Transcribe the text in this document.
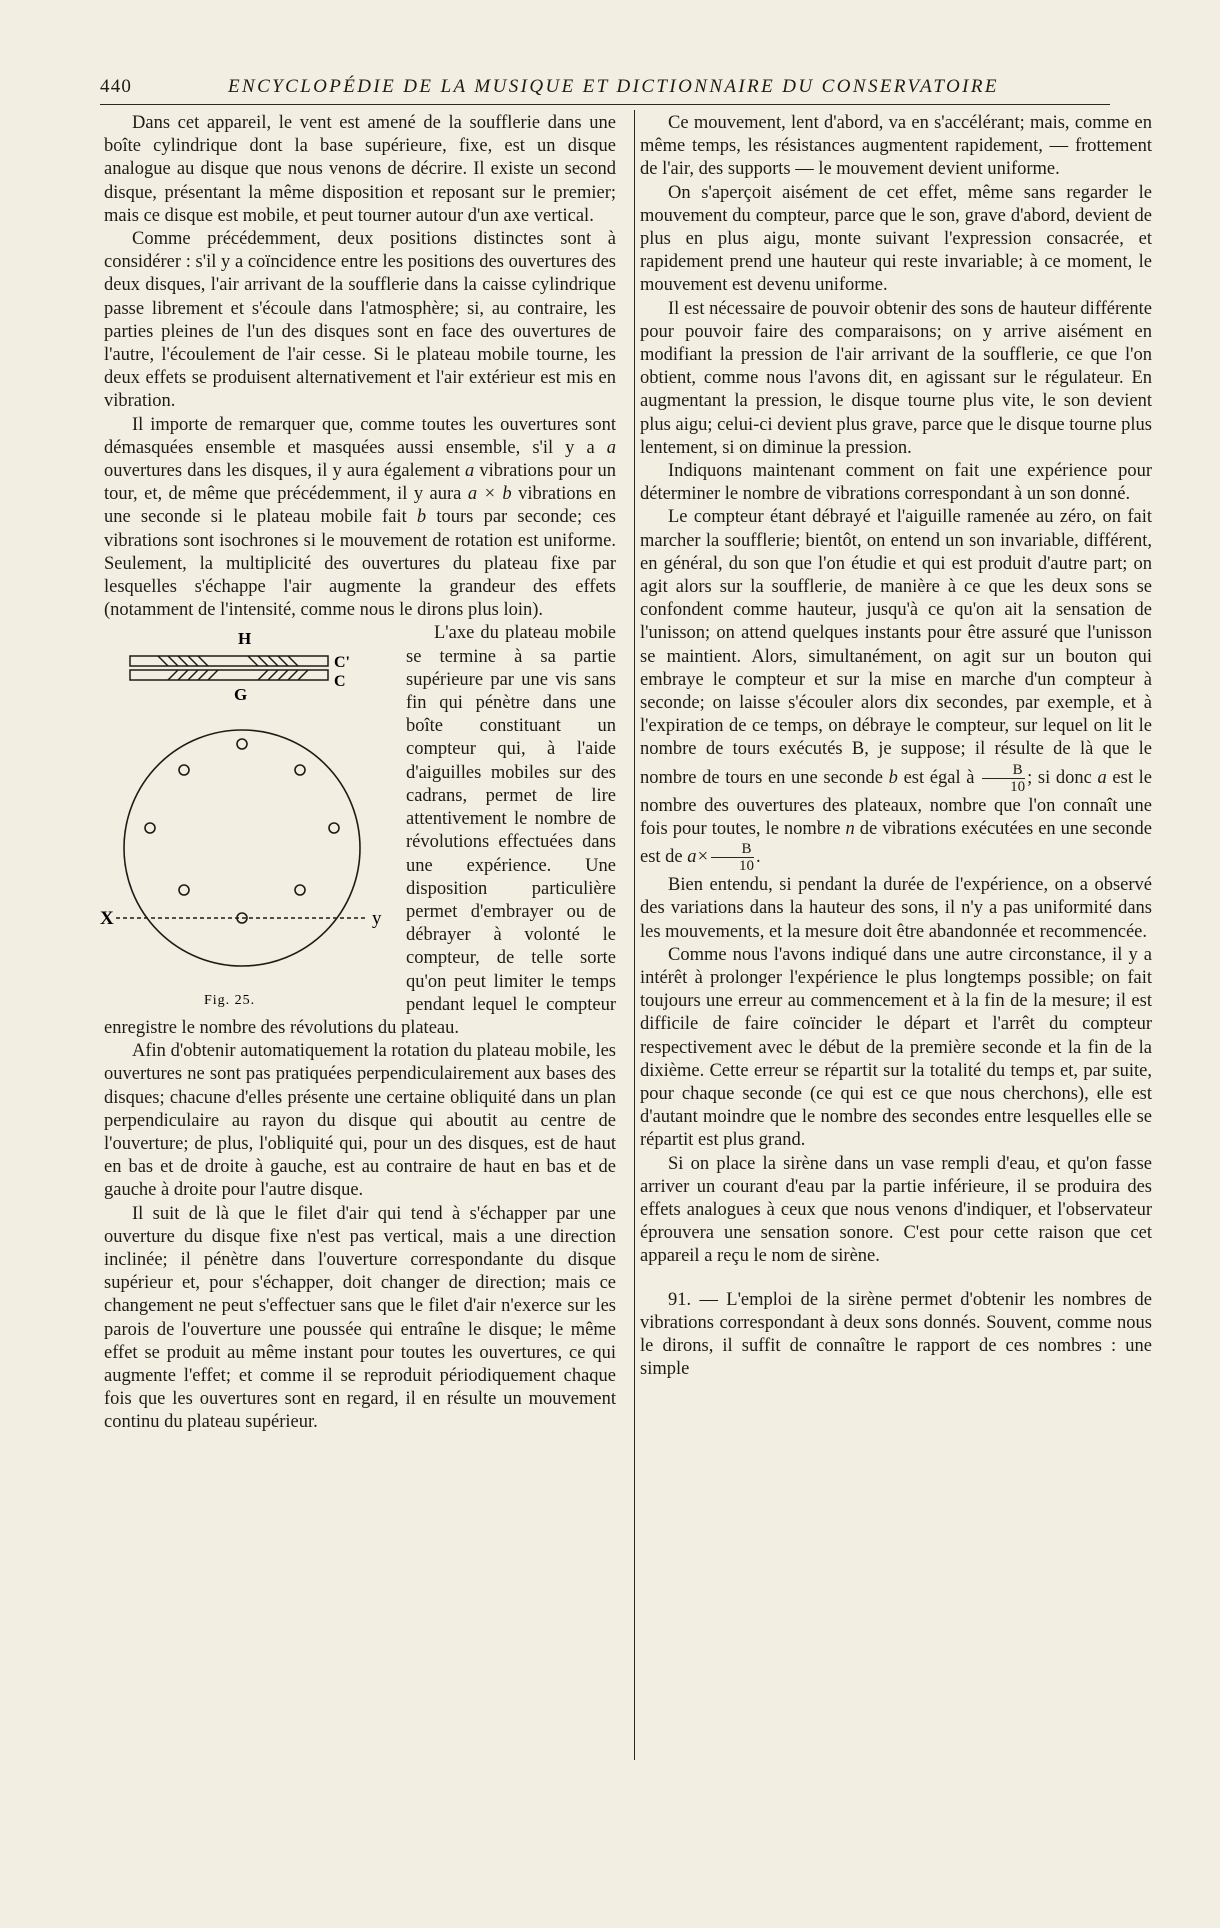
440	ENCYCLOPÉDIE DE LA MUSIQUE ET DICTIONNAIRE DU CONSERVATOIRE

Dans cet appareil, le vent est amené de la soufflerie dans une boîte cylindrique dont la base supérieure, fixe, est un disque analogue au disque que nous venons de décrire. Il existe un second disque, présentant la même disposition et reposant sur le premier; mais ce disque est mobile, et peut tourner autour d'un axe vertical.

Comme précédemment, deux positions distinctes sont à considérer : s'il y a coïncidence entre les positions des ouvertures des deux disques, l'air arrivant de la soufflerie dans la caisse cylindrique passe librement et s'écoule dans l'atmosphère; si, au contraire, les parties pleines de l'un des disques sont en face des ouvertures de l'autre, l'écoulement de l'air cesse. Si le plateau mobile tourne, les deux effets se produisent alternativement et l'air extérieur est mis en vibration.

Il importe de remarquer que, comme toutes les ouvertures sont démasquées ensemble et masquées aussi ensemble, s'il y a a ouvertures dans les disques, il y aura également a vibrations pour un tour, et, de même que précédemment, il y aura a × b vibrations en une seconde si le plateau mobile fait b tours par seconde; ces vibrations sont isochrones si le mouvement de rotation est uniforme. Seulement, la multiplicité des ouvertures du plateau fixe par lesquelles s'échappe l'air augmente la grandeur des effets (notamment de l'intensité, comme nous le dirons plus loin).

H
C'
C
G
X	y
Fig. 25.

L'axe du plateau mobile se termine à sa partie supérieure par une vis sans fin qui pénètre dans une boîte constituant un compteur qui, à l'aide d'aiguilles mobiles sur des cadrans, permet de lire attentivement le nombre de révolutions effectuées dans une expérience. Une disposition particulière permet d'embrayer ou de débrayer à volonté le compteur, de telle sorte qu'on peut limiter le temps pendant lequel le compteur enregistre le nombre des révolutions du plateau.

Afin d'obtenir automatiquement la rotation du plateau mobile, les ouvertures ne sont pas pratiquées perpendiculairement aux bases des disques; chacune d'elles présente une certaine obliquité dans un plan perpendiculaire au rayon du disque qui aboutit au centre de l'ouverture; de plus, l'obliquité qui, pour un des disques, est de haut en bas et de droite à gauche, est au contraire de haut en bas et de gauche à droite pour l'autre disque.

Il suit de là que le filet d'air qui tend à s'échapper par une ouverture du disque fixe n'est pas vertical, mais a une direction inclinée; il pénètre dans l'ouverture correspondante du disque supérieur et, pour s'échapper, doit changer de direction; mais ce changement ne peut s'effectuer sans que le filet d'air n'exerce sur les parois de l'ouverture une poussée qui entraîne le disque; le même effet se produit au même instant pour toutes les ouvertures, ce qui augmente l'effet; et comme il se reproduit périodiquement chaque fois que les ouvertures sont en regard, il en résulte un mouvement continu du plateau supérieur.

Ce mouvement, lent d'abord, va en s'accélérant; mais, comme en même temps, les résistances augmentent rapidement, — frottement de l'air, des supports — le mouvement devient uniforme.

On s'aperçoit aisément de cet effet, même sans regarder le mouvement du compteur, parce que le son, grave d'abord, devient de plus en plus aigu, monte suivant l'expression consacrée, et rapidement prend une hauteur qui reste invariable; à ce moment, le mouvement est devenu uniforme.

Il est nécessaire de pouvoir obtenir des sons de hauteur différente pour pouvoir faire des comparaisons; on y arrive aisément en modifiant la pression de l'air arrivant de la soufflerie, ce que l'on obtient, comme nous l'avons dit, en agissant sur le régulateur. En augmentant la pression, le disque tourne plus vite, le son devient plus aigu; celui-ci devient plus grave, parce que le disque tourne plus lentement, si on diminue la pression.

Indiquons maintenant comment on fait une expérience pour déterminer le nombre de vibrations correspondant à un son donné.

Le compteur étant débrayé et l'aiguille ramenée au zéro, on fait marcher la soufflerie; bientôt, on entend un son invariable, différent, en général, du son que l'on étudie et qui est produit d'autre part; on agit alors sur la soufflerie, de manière à ce que les deux sons se confondent comme hauteur, jusqu'à ce qu'on ait la sensation de l'unisson; on attend quelques instants pour être assuré que l'unisson se maintient. Alors, simultanément, on agit sur un bouton qui embraye le compteur et sur la mise en marche d'un compteur à seconde; on laisse s'écouler alors dix secondes, par exemple, et à l'expiration de ce temps, on débraye le compteur, sur lequel on lit le nombre de tours exécutés B, je suppose; il résulte de là que le nombre de tours en une seconde b est égal à $\frac{B}{10}$ ; si donc a est le nombre des ouvertures des plateaux, nombre que l'on connaît une fois pour toutes, le nombre n de vibrations exécutées en une seconde est de $a\times \frac{B}{10}$ .

Bien entendu, si pendant la durée de l'expérience, on a observé des variations dans la hauteur des sons, il n'y a pas uniformité dans les mouvements, et la mesure doit être abandonnée et recommencée.

Comme nous l'avons indiqué dans une autre circonstance, il y a intérêt à prolonger l'expérience le plus longtemps possible; on fait toujours une erreur au commencement et à la fin de la mesure; il est difficile de faire coïncider le départ et l'arrêt du compteur respectivement avec le début de la première seconde et la fin de la dixième. Cette erreur se répartit sur la totalité du temps et, par suite, pour chaque seconde (ce qui est ce que nous cherchons), elle est d'autant moindre que le nombre des secondes entre lesquelles elle se répartit est plus grand.

Si on place la sirène dans un vase rempli d'eau, et qu'on fasse arriver un courant d'eau par la partie inférieure, il se produira des effets analogues à ceux que nous venons d'indiquer, et l'observateur éprouvera une sensation sonore. C'est pour cette raison que cet appareil a reçu le nom de sirène.

91. — L'emploi de la sirène permet d'obtenir les nombres de vibrations correspondant à deux sons donnés. Souvent, comme nous le dirons, il suffit de connaître le rapport de ces nombres : une simple
